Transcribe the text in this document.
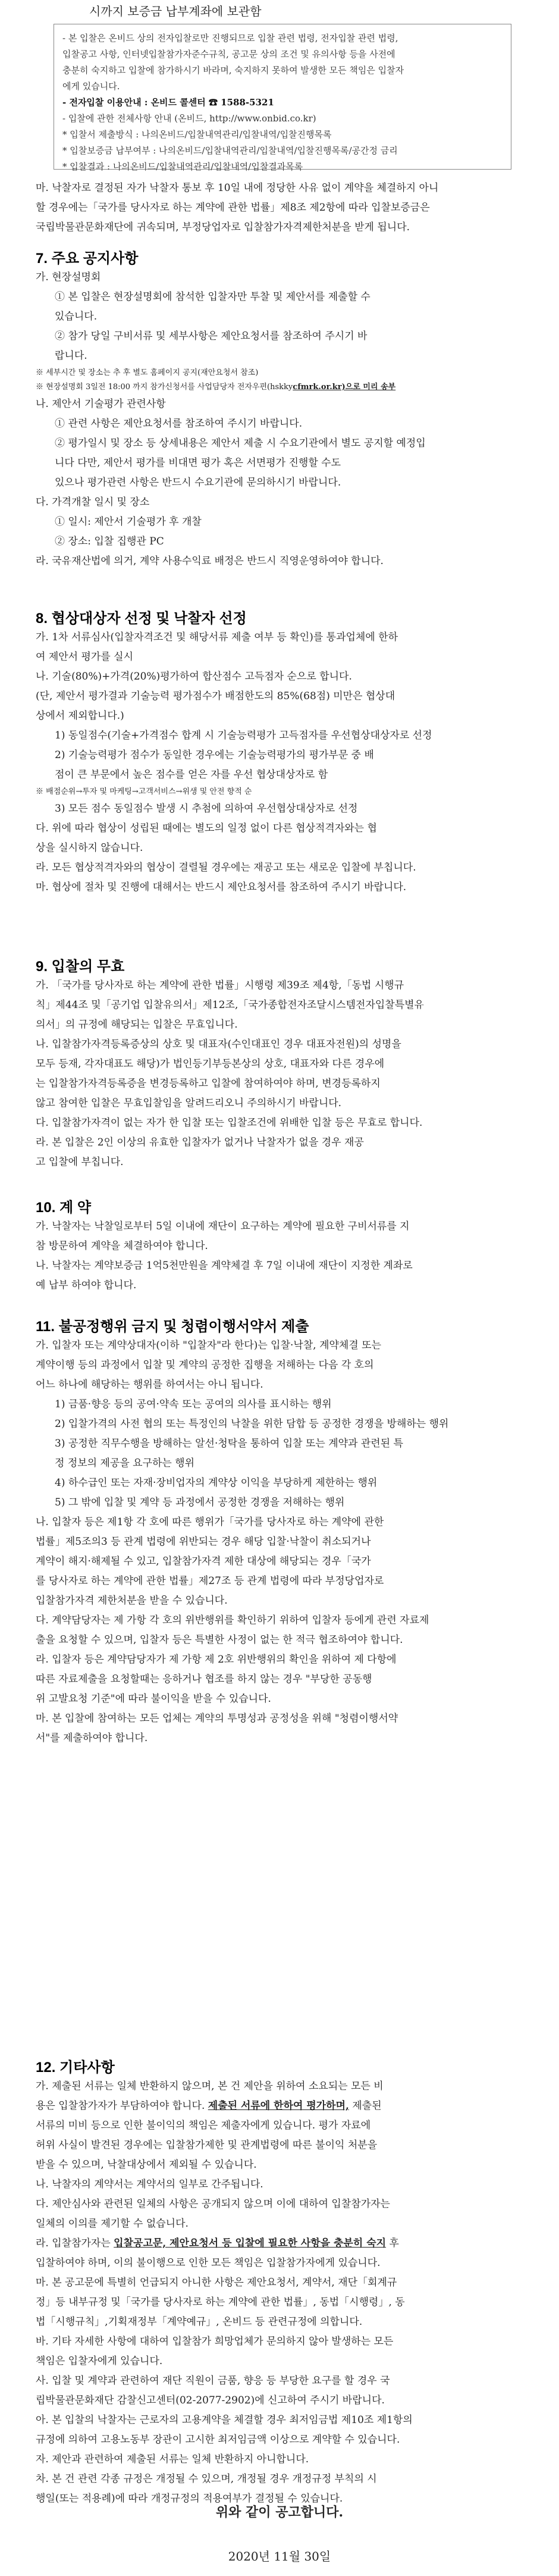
시까지 보증금 납부계좌에 보관함
- 본 입찰은 온비드 상의 전자입찰로만 진행되므로 입찰 관련 법령, 전자입찰 관련 법령,
입찰공고 사항, 인터넷입찰참가자준수규칙, 공고문 상의 조건 및 유의사항 등을 사전에
충분히 숙지하고 입찰에 참가하시기 바라며, 숙지하지 못하여 발생한 모든 책임은 입찰자
에게 있습니다.
- 전자입찰 이용안내 : 온비드 콜센터 ☎ 1588-5321
- 입찰에 관한 전체사항 안내 (온비드, http://www.onbid.co.kr)
* 입찰서 제출방식 : 나의온비드/입찰내역관리/입찰내역/입찰진행목록
* 입찰보증금 납부여부 : 나의온비드/입찰내역관리/입찰내역/입찰진행목록/공간정 금리
* 입찰결과 : 나의온비드/입찰내역관리/입찰내역/입찰결과목록
마. 낙찰자로 결정된 자가 낙찰자 통보 후 10일 내에 정당한 사유 없이 계약을 체결하지 아니
할 경우에는「국가를 당사자로 하는 계약에 관한 법률」제8조 제2항에 따라 입찰보증금은
국립박물관문화재단에 귀속되며, 부정당업자로 입찰참가자격제한처분을 받게 됩니다.
7. 주요 공지사항
가. 현장설명회
① 본 입찰은 현장설명회에 참석한 입찰자만 투찰 및 제안서를 제출할 수
있습니다.
② 참가 당일 구비서류 및 세부사항은 제안요청서를 참조하여 주시기 바
랍니다.
※ 세부시간 및 장소는 추 후 별도 홈페이지 공지(재안요청서 참조)
※ 현장설명회 3일전 18:00 까지 참가신청서를 사업담당자 전자우편(hskkycfmrk.or.kr)으로 미리 송부
나. 제안서 기술평가 관련사항
① 관련 사항은 제안요청서를 참조하여 주시기 바랍니다.
② 평가일시 및 장소 등 상세내용은 제안서 제출 시 수요기관에서 별도 공지할 예정입
니다 다만, 제안서 평가를 비대면 평가 혹은 서면평가 진행할 수도
있으나 평가관련 사항은 반드시 수요기관에 문의하시기 바랍니다.
다. 가격개찰 일시 및 장소
① 일시: 제안서 기술평가 후 개찰
② 장소: 입찰 집행관 PC
라. 국유재산법에 의거, 계약 사용수익료 배정은 반드시 직영운영하여야 합니다.
8. 협상대상자 선정 및 낙찰자 선정
가. 1차 서류심사(입찰자격조건 및 해당서류 제출 여부 등 확인)를 통과업체에 한하
여 제안서 평가를 실시
나. 기술(80%)+가격(20%)평가하여 합산점수 고득점자 순으로 합니다.
(단, 제안서 평가결과 기술능력 평가점수가 배점한도의 85%(68점) 미만은 협상대
상에서 제외합니다.)
1) 동일점수(기술+가격점수 합계 시 기술능력평가 고득점자를 우선협상대상자로 선정
2) 기술능력평가 점수가 동일한 경우에는 기술능력평가의 평가부문 중 배
점이 큰 부문에서 높은 점수를 얻은 자를 우선 협상대상자로 함
※ 배점순위→투자 및 마케팅→고객서비스→위생 및 안전 향적 순
3) 모든 점수 동일점수 발생 시 추첨에 의하여 우선협상대상자로 선정
다. 위에 따라 협상이 성립된 때에는 별도의 일정 없이 다른 협상적격자와는 협
상을 실시하지 않습니다.
라. 모든 협상적격자와의 협상이 결렬될 경우에는 재공고 또는 새로운 입찰에 부칩니다.
마. 협상에 절차 및 진행에 대해서는 반드시 제안요청서를 참조하여 주시기 바랍니다.
9. 입찰의 무효
가. 「국가를 당사자로 하는 계약에 관한 법률」시행령 제39조 제4항,「동법 시행규
칙」제44조 및「공기업 입찰유의서」제12조,「국가종합전자조달시스템전자입찰특별유
의서」의 규정에 해당되는 입찰은 무효입니다.
나. 입찰참가자격등록증상의 상호 및 대표자(수인대표인 경우 대표자전원)의 성명을
모두 등재, 각자대표도 해당)가 법인등기부등본상의 상호, 대표자와 다른 경우에
는 입찰참가자격등록증을 변경등록하고 입찰에 참여하여야 하며, 변경등록하지
않고 참여한 입찰은 무효입찰임을 알려드리오니 주의하시기 바랍니다.
다. 입찰참가자격이 없는 자가 한 입찰 또는 입찰조건에 위배한 입찰 등은 무효로 합니다.
라. 본 입찰은 2인 이상의 유효한 입찰자가 없거나 낙찰자가 없을 경우 재공
고 입찰에 부칩니다.
10. 계 약
가. 낙찰자는 낙찰일로부터 5일 이내에 재단이 요구하는 계약에 필요한 구비서류를 지
참 방문하여 계약을 체결하여야 합니다.
나. 낙찰자는 계약보증금 1억5천만원을 계약체결 후 7일 이내에 재단이 지정한 계좌로
예 납부 하여야 합니다.
11. 불공정행위 금지 및 청렴이행서약서 제출
가. 입찰자 또는 계약상대자(이하 "입찰자"라 한다)는 입찰·낙찰, 계약체결 또는
계약이행 등의 과정에서 입찰 및 계약의 공정한 집행을 저해하는 다음 각 호의
어느 하나에 해당하는 행위를 하여서는 아니 됩니다.
1) 금품·향응 등의 공여·약속 또는 공여의 의사를 표시하는 행위
2) 입찰가격의 사전 협의 또는 특정인의 낙찰을 위한 담합 등 공정한 경쟁을 방해하는 행위
3) 공정한 직무수행을 방해하는 알선·청탁을 통하여 입찰 또는 계약과 관련된 특
정 정보의 제공을 요구하는 행위
4) 하수급인 또는 자재·장비업자의 계약상 이익을 부당하게 제한하는 행위
5) 그 밖에 입찰 및 계약 등 과정에서 공정한 경쟁을 저해하는 행위
나. 입찰자 등은 제1항 각 호에 따른 행위가「국가를 당사자로 하는 계약에 관한
법률」제5조의3 등 관계 법령에 위반되는 경우 해당 입찰·낙찰이 취소되거나
계약이 해지·해제될 수 있고, 입찰참가자격 제한 대상에 해당되는 경우「국가
를 당사자로 하는 계약에 관한 법률」제27조 등 관계 법령에 따라 부정당업자로
입찰참가자격 제한처분을 받을 수 있습니다.
다. 계약담당자는 제 가항 각 호의 위반행위를 확인하기 위하여 입찰자 등에게 관련 자료제
출을 요청할 수 있으며, 입찰자 등은 특별한 사정이 없는 한 적극 협조하여야 합니다.
라. 입찰자 등은 계약담당자가 제 가항 제 2호 위반행위의 확인을 위하여 제 다항에
따른 자료제출을 요청할때는 응하거나 협조를 하지 않는 경우 "부당한 공동행
위 고발요청 기준"에 따라 불이익을 받을 수 있습니다.
마. 본 입찰에 참여하는 모든 업체는 계약의 투명성과 공정성을 위해 "청렴이행서약
서"를 제출하여야 합니다.
12. 기타사항
가. 제출된 서류는 일체 반환하지 않으며, 본 건 제안을 위하여 소요되는 모든 비
용은 입찰참가자가 부담하여야 합니다. 제출된 서류에 한하여 평가하며, 제출된
서류의 미비 등으로 인한 불이익의 책임은 제출자에게 있습니다. 평가 자료에
허위 사실이 발견된 경우에는 입찰참가제한 및 관계법령에 따른 불이익 처분을
받을 수 있으며, 낙찰대상에서 제외될 수 있습니다.
나. 낙찰자의 계약서는 계약서의 일부로 간주됩니다.
다. 제안심사와 관련된 일체의 사항은 공개되지 않으며 이에 대하여 입찰참가자는
일체의 이의를 제기할 수 없습니다.
라. 입찰참가자는 입찰공고문, 제안요청서 등 입찰에 필요한 사항을 충분히 숙지 후
입찰하여야 하며, 이의 불이행으로 인한 모든 책임은 입찰참가자에게 있습니다.
마. 본 공고문에 특별히 언급되지 아니한 사항은 제안요청서, 계약서, 재단「회계규
정」등 내부규정 및「국가를 당사자로 하는 계약에 관한 법률」, 동법「시행령」, 동
법「시행규칙」,기획재정부「계약예규」, 온비드 등 관련규정에 의합니다.
바. 기타 자세한 사항에 대하여 입찰참가 희망업체가 문의하지 않아 발생하는 모든
책임은 입찰자에게 있습니다.
사. 입찰 및 계약과 관련하여 재단 직원이 금품, 향응 등 부당한 요구를 할 경우 국
립박물관문화재단 감찰신고센터(02-2077-2902)에 신고하여 주시기 바랍니다.
아. 본 입찰의 낙찰자는 근로자의 고용계약을 체결할 경우 최저임금법 제10조 제1항의
규정에 의하여 고용노동부 장관이 고시한 최저임금액 이상으로 계약할 수 있습니다.
자. 제안과 관련하여 제출된 서류는 일체 반환하지 아니합니다.
차. 본 건 관련 각종 규정은 개정될 수 있으며, 개정될 경우 개정규정 부칙의 시
행일(또는 적용례)에 따라 개정규정의 적용여부가 결정될 수 있습니다.
위와 같이 공고합니다.
2020년 11월 30일
